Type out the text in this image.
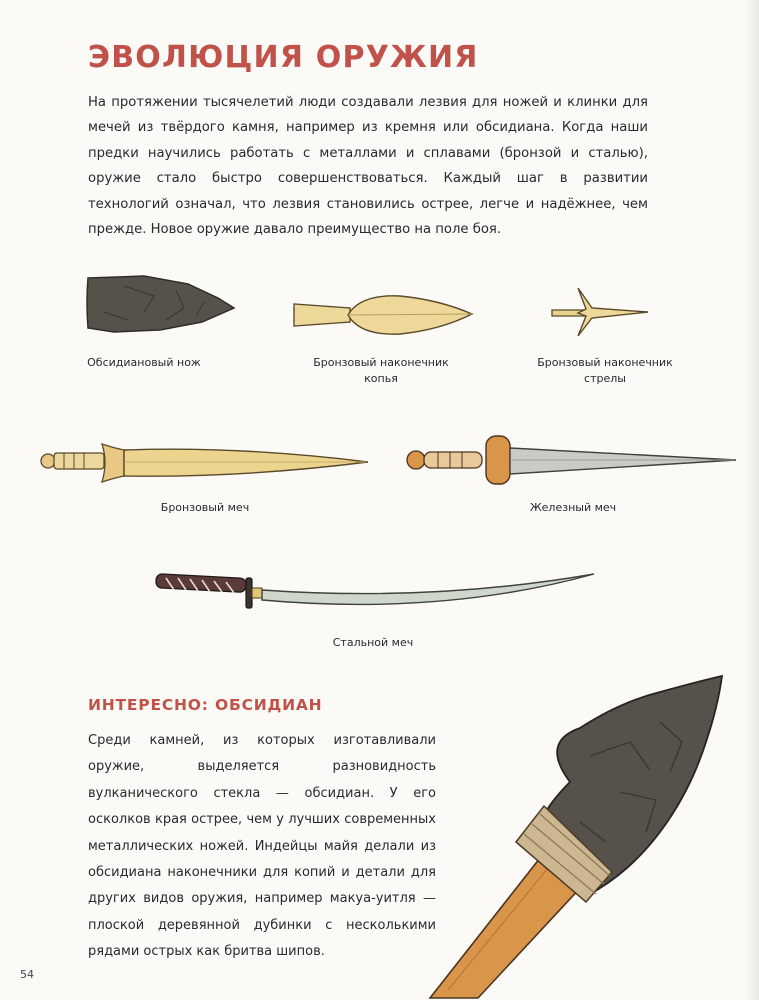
ЭВОЛЮЦИЯ ОРУЖИЯ

На протяжении тысячелетий люди создавали лезвия для ножей и клинки для мечей из твёрдого камня, например из кремня или обсидиана. Когда наши предки научились работать с металлами и сплавами (бронзой и сталью), оружие стало быстро совершенствоваться. Каждый шаг в развитии технологий означал, что лезвия становились острее, легче и надёжнее, чем прежде. Новое оружие давало преимущество на поле боя.

Обсидиановый нож	Бронзовый наконечник копья
Бронзовый наконечник стрелы
Бронзовый меч	Железный меч
Стальной меч
ИНТЕРЕСНО: ОБСИДИАН

Среди камней, из которых изготавливали оружие, выделяется разновидность вулканического стекла — обсидиан. У его осколков края острее, чем у лучших современных металлических ножей. Индейцы майя делали из обсидиана наконечники для копий и детали для других видов оружия, например макуа-уитля — плоской деревянной дубинки с несколькими рядами острых как бритва шипов.

54
